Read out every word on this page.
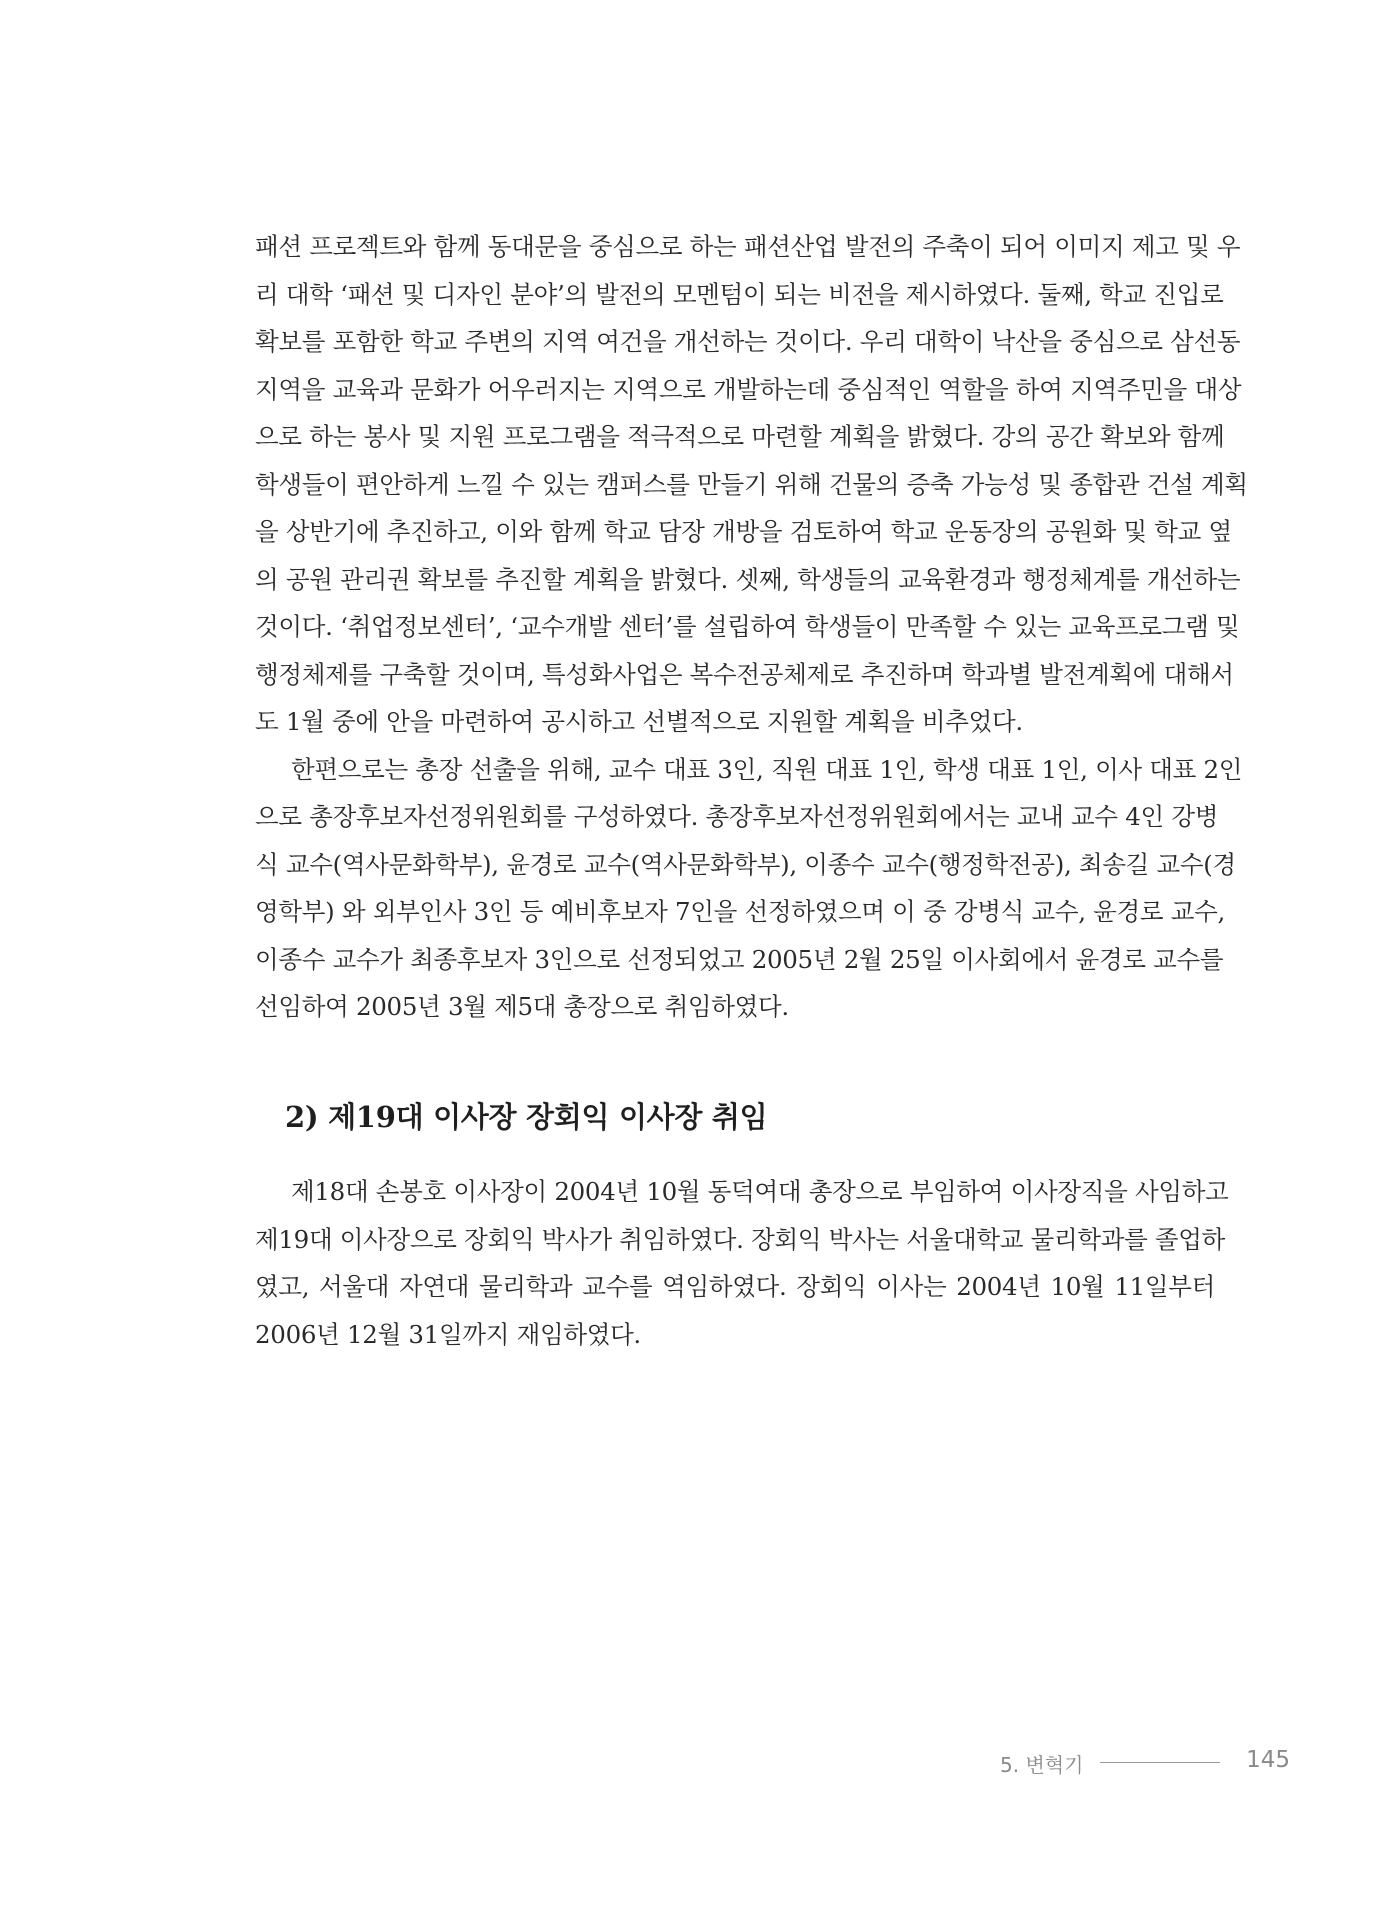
패션 프로젝트와 함께 동대문을 중심으로 하는 패션산업 발전의 주축이 되어 이미지 제고 및 우
리 대학 ‘패션 및 디자인 분야’의 발전의 모멘텀이 되는 비전을 제시하였다. 둘째, 학교 진입로
확보를 포함한 학교 주변의 지역 여건을 개선하는 것이다. 우리 대학이 낙산을 중심으로 삼선동
지역을 교육과 문화가 어우러지는 지역으로 개발하는데 중심적인 역할을 하여 지역주민을 대상
으로 하는 봉사 및 지원 프로그램을 적극적으로 마련할 계획을 밝혔다. 강의 공간 확보와 함께
학생들이 편안하게 느낄 수 있는 캠퍼스를 만들기 위해 건물의 증축 가능성 및 종합관 건설 계획
을 상반기에 추진하고, 이와 함께 학교 담장 개방을 검토하여 학교 운동장의 공원화 및 학교 옆
의 공원 관리권 확보를 추진할 계획을 밝혔다. 셋째, 학생들의 교육환경과 행정체계를 개선하는
것이다. ‘취업정보센터’, ‘교수개발 센터’를 설립하여 학생들이 만족할 수 있는 교육프로그램 및
행정체제를 구축할 것이며, 특성화사업은 복수전공체제로 추진하며 학과별 발전계획에 대해서
도 1월 중에 안을 마련하여 공시하고 선별적으로 지원할 계획을 비추었다.
한편으로는 총장 선출을 위해, 교수 대표 3인, 직원 대표 1인, 학생 대표 1인, 이사 대표 2인
으로 총장후보자선정위원회를 구성하였다. 총장후보자선정위원회에서는 교내 교수 4인 강병
식 교수(역사문화학부), 윤경로 교수(역사문화학부), 이종수 교수(행정학전공), 최송길 교수(경
영학부) 와 외부인사 3인 등 예비후보자 7인을 선정하였으며 이 중 강병식 교수, 윤경로 교수,
이종수 교수가 최종후보자 3인으로 선정되었고 2005년 2월 25일 이사회에서 윤경로 교수를
선임하여 2005년 3월 제5대 총장으로 취임하였다.
2) 제19대 이사장 장회익 이사장 취임
제18대 손봉호 이사장이 2004년 10월 동덕여대 총장으로 부임하여 이사장직을 사임하고
제19대 이사장으로 장회익 박사가 취임하였다. 장회익 박사는 서울대학교 물리학과를 졸업하
였고, 서울대 자연대 물리학과 교수를 역임하였다. 장회익 이사는 2004년 10월 11일부터
2006년 12월 31일까지 재임하였다.
5. 변혁기	145
